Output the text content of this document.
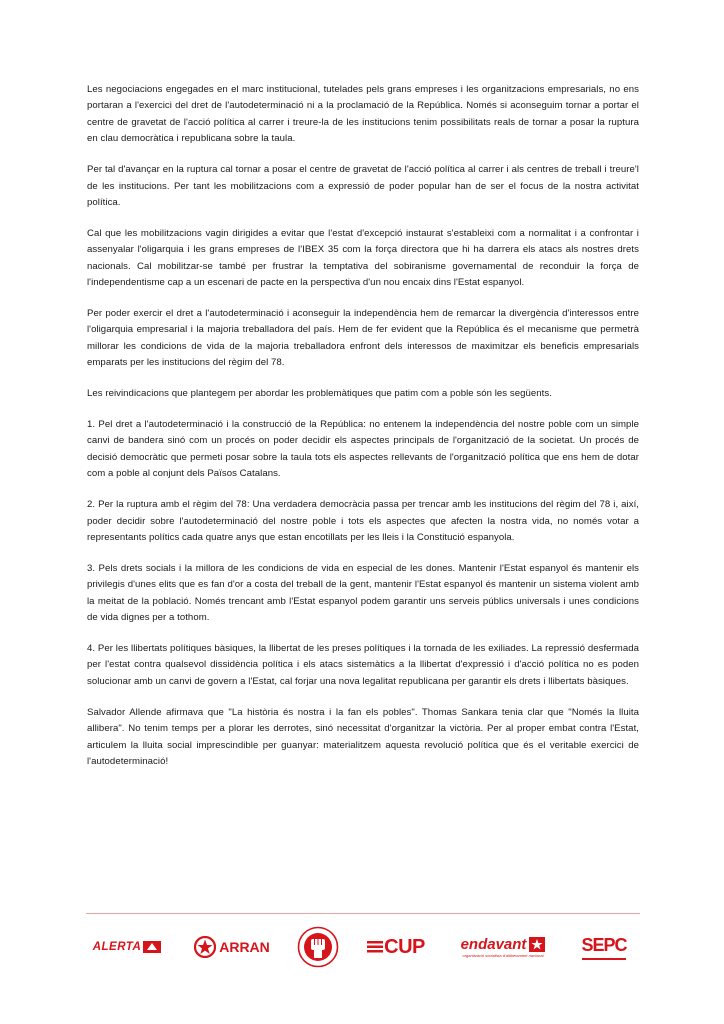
Les negociacions engegades en el marc institucional, tutelades pels grans empreses i les organitzacions empresarials, no ens portaran a l'exercici del dret de l'autodeterminació ni a la proclamació de la República. Només si aconseguim tornar a portar el centre de gravetat de l'acció política al carrer i treure-la de les institucions tenim possibilitats reals de tornar a posar la ruptura en clau democràtica i republicana sobre la taula.

Per tal d'avançar en la ruptura cal tornar a posar el centre de gravetat de l'acció política al carrer i als centres de treball i treure'l de les institucions. Per tant les mobilitzacions com a expressió de poder popular han de ser el focus de la nostra activitat política.

Cal que les mobilitzacions vagin dirigides a evitar que l'estat d'excepció instaurat s'estableixi com a normalitat i a confrontar i assenyalar l'oligarquia i les grans empreses de l'IBEX 35 com la força directora que hi ha darrera els atacs als nostres drets nacionals. Cal mobilitzar-se també per frustrar la temptativa del sobiranisme governamental de reconduir la força de l'independentisme cap a un escenari de pacte en la perspectiva d'un nou encaix dins l'Estat espanyol.

Per poder exercir el dret a l'autodeterminació i aconseguir la independència hem de remarcar la divergència d'interessos entre l'oligarquia empresarial i la majoria treballadora del país. Hem de fer evident que la República és el mecanisme que permetrà millorar les condicions de vida de la majoria treballadora enfront dels interessos de maximitzar els beneficis empresarials emparats per les institucions del règim del 78.

Les reivindicacions que plantegem per abordar les problemàtiques que patim com a poble són les següents.

1. Pel dret a l'autodeterminació i la construcció de la República: no entenem la independència del nostre poble com un simple canvi de bandera sinó com un procés on poder decidir els aspectes principals de l'organització de la societat. Un procés de decisió democràtic que permeti posar sobre la taula tots els aspectes rellevants de l'organització política que ens hem de dotar com a poble al conjunt dels Països Catalans.

2. Per la ruptura amb el règim del 78: Una verdadera democràcia passa per trencar amb les institucions del règim del 78 i, així, poder decidir sobre l'autodeterminació del nostre poble i tots els aspectes que afecten la nostra vida, no només votar a representants polítics cada quatre anys que estan encotillats per les lleis i la Constitució espanyola.

3. Pels drets socials i la millora de les condicions de vida en especial de les dones. Mantenir l'Estat espanyol és mantenir els privilegis d'unes elits que es fan d'or a costa del treball de la gent, mantenir l'Estat espanyol és mantenir un sistema violent amb la meitat de la població. Només trencant amb l'Estat espanyol podem garantir uns serveis públics universals i unes condicions de vida dignes per a tothom.

4. Per les llibertats polítiques bàsiques, la llibertat de les preses polítiques i la tornada de les exiliades. La repressió desfermada per l'estat contra qualsevol dissidència política i els atacs sistemàtics a la llibertat d'expressió i d'acció política no es poden solucionar amb un canvi de govern a l'Estat, cal forjar una nova legalitat republicana per garantir els drets i llibertats bàsiques.

Salvador Allende afirmava que "La història és nostra i la fan els pobles". Thomas Sankara tenia clar que "Només la lluita allibera". No tenim temps per a plorar les derrotes, sinó necessitat d'organitzar la victòria. Per al proper embat contra l'Estat, articulem la lluita social imprescindible per guanyar: materialitzem aquesta revolució política que és el veritable exercici de l'autodeterminació!

ALERTA	ARRAN	CUP endavant
organització socialista d'alliberament nacional
SEPC
